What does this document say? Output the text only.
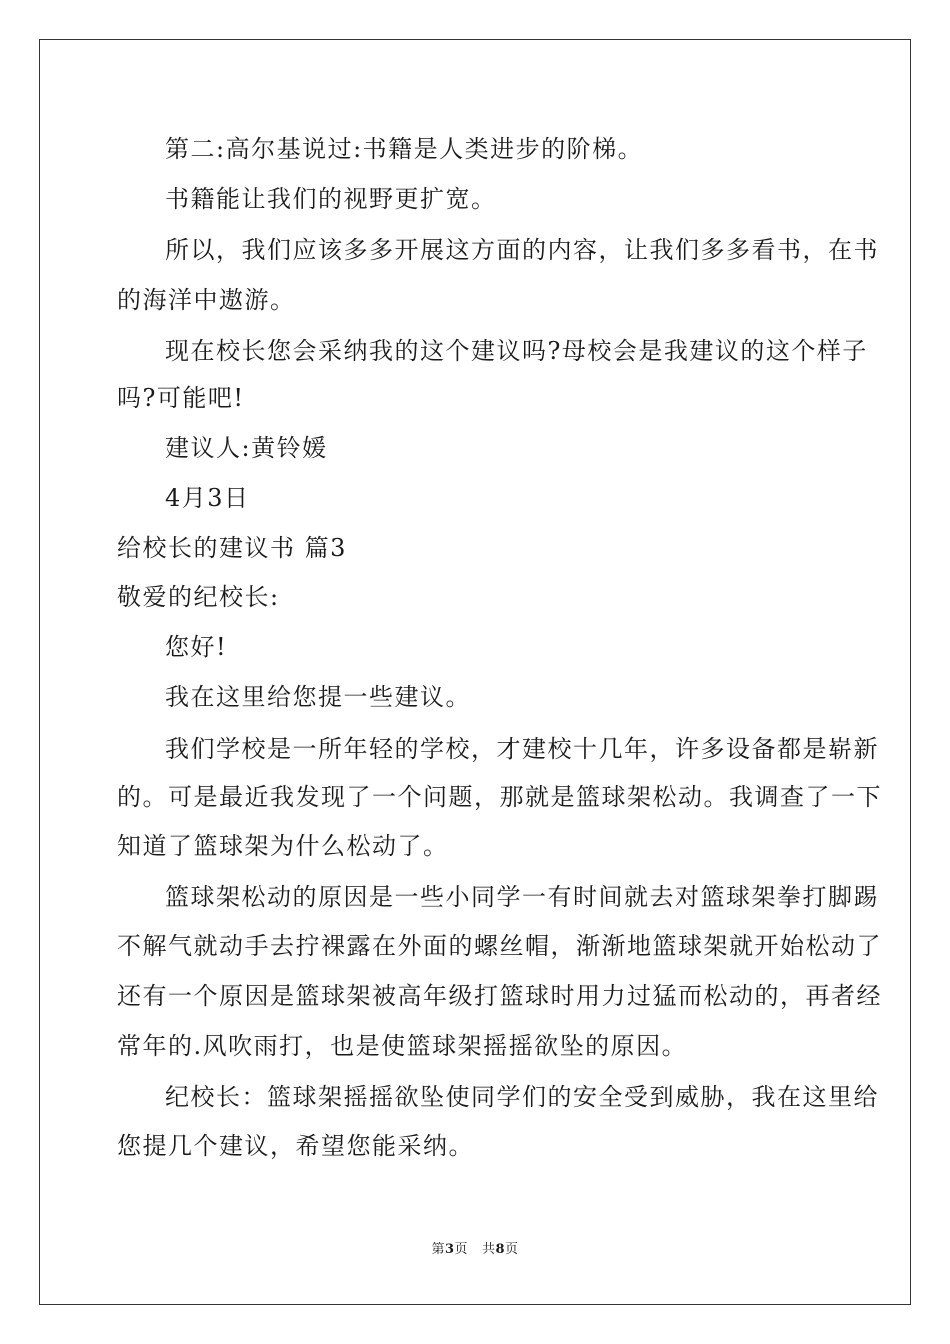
第二:高尔基说过:书籍是人类进步的阶梯。
书籍能让我们的视野更扩宽。
所以，我们应该多多开展这方面的内容，让我们多多看书，在书
的海洋中遨游。
现在校长您会采纳我的这个建议吗?母校会是我建议的这个样子
吗?可能吧!
建议人:黄铃媛
4月3日
给校长的建议书 篇3
敬爱的纪校长:
您好!
我在这里给您提一些建议。
我们学校是一所年轻的学校，才建校十几年，许多设备都是崭新
的。可是最近我发现了一个问题，那就是篮球架松动。我调查了一下
知道了篮球架为什么松动了。
篮球架松动的原因是一些小同学一有时间就去对篮球架拳打脚踢
不解气就动手去拧裸露在外面的螺丝帽，渐渐地篮球架就开始松动了
还有一个原因是篮球架被高年级打篮球时用力过猛而松动的，再者经
常年的.风吹雨打，也是使篮球架摇摇欲坠的原因。
纪校长：篮球架摇摇欲坠使同学们的安全受到威胁，我在这里给
您提几个建议，希望您能采纳。
第3页 共8页
